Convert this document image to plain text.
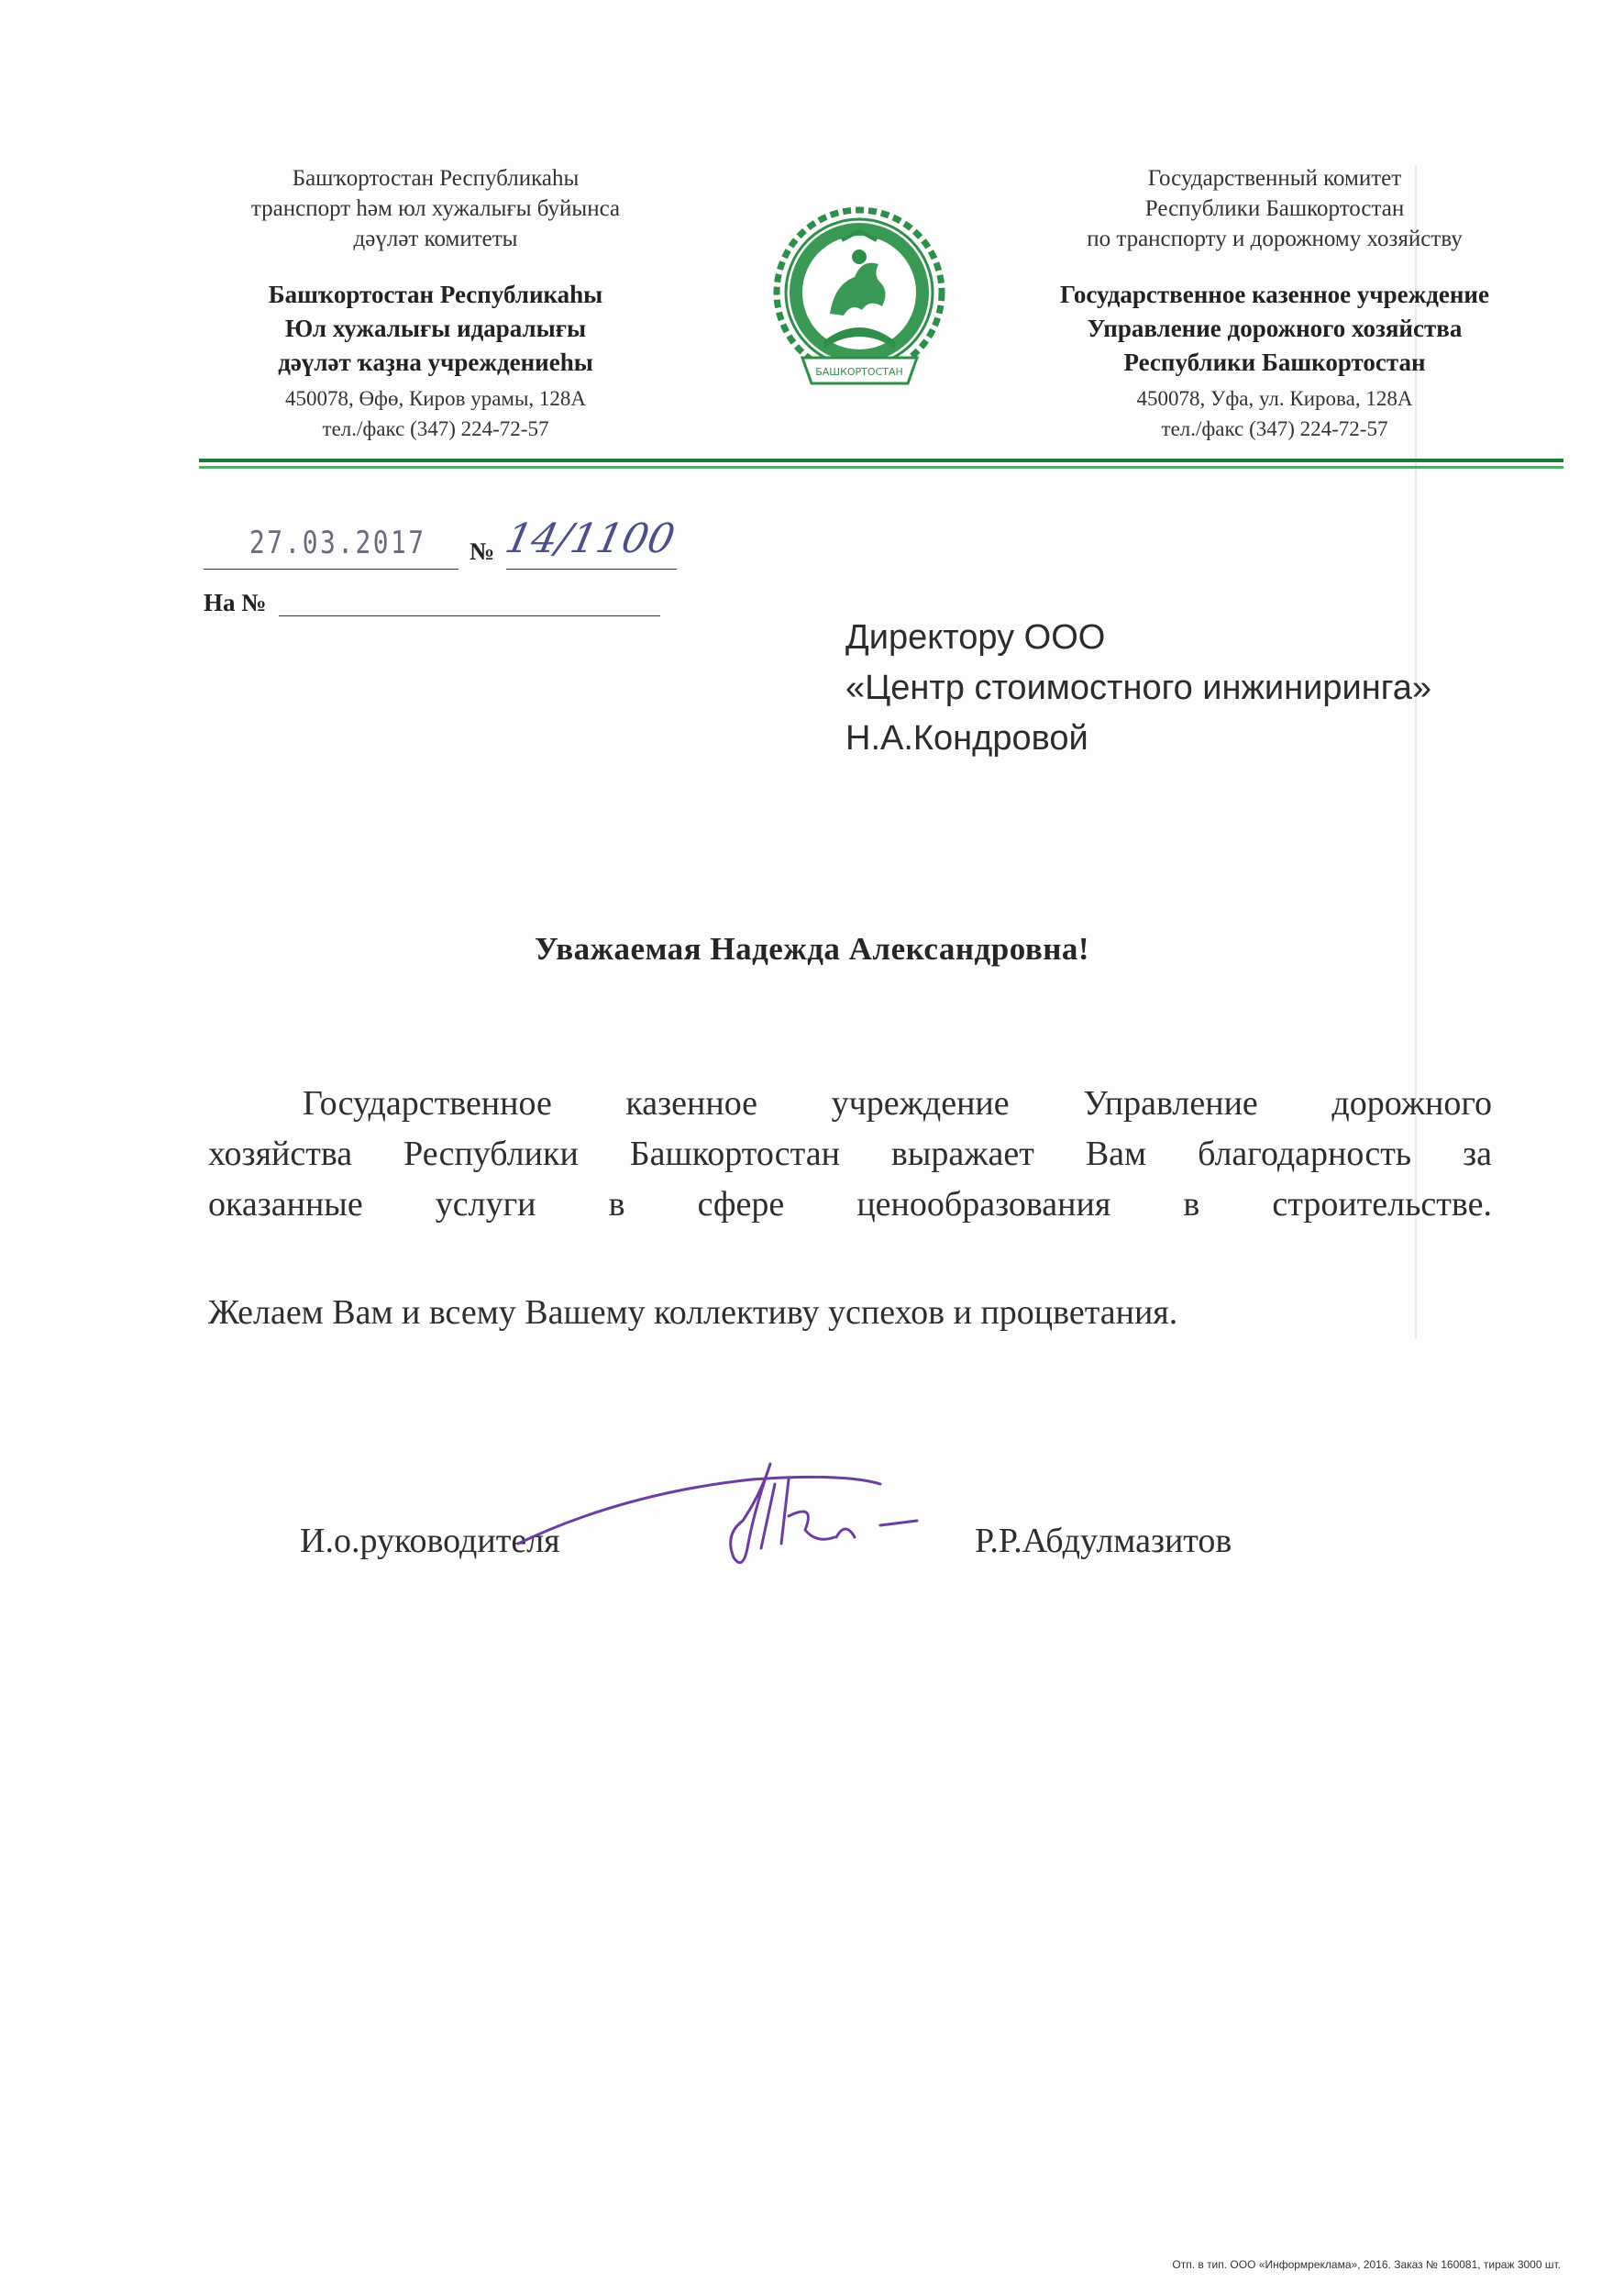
Башҡортостан Республикаһы
транспорт һәм юл хужалығы буйынса
дәүләт комитеты
Башҡортостан Республикаһы
Юл хужалығы идаралығы
дәүләт ҡаҙна учреждениеһы
450078, Өфө, Киров урамы, 128А
тел./факс (347) 224-72-57
БАШКОРТОСТАН
Государственный комитет
Республики Башкортостан
по транспорту и дорожному хозяйству
Государственное казенное учреждение
Управление дорожного хозяйства
Республики Башкортостан
450078, Уфа, ул. Кирова, 128А
тел./факс (347) 224-72-57
27.03.2017 № 14/1100
На №
Директору ООО
«Центр стоимостного инжиниринга»
Н.А.Кондровой
Уважаемая Надежда Александровна!
Государственное казенное учреждение Управление дорожного
хозяйства Республики Башкортостан выражает Вам благодарность за
оказанные услуги в сфере ценообразования в строительстве.
Желаем Вам и всему Вашему коллективу успехов и процветания.
И.о.руководителя	Р.Р.Абдулмазитов
Отп. в тип. ООО «Информреклама», 2016. Заказ № 160081, тираж 3000 шт.
